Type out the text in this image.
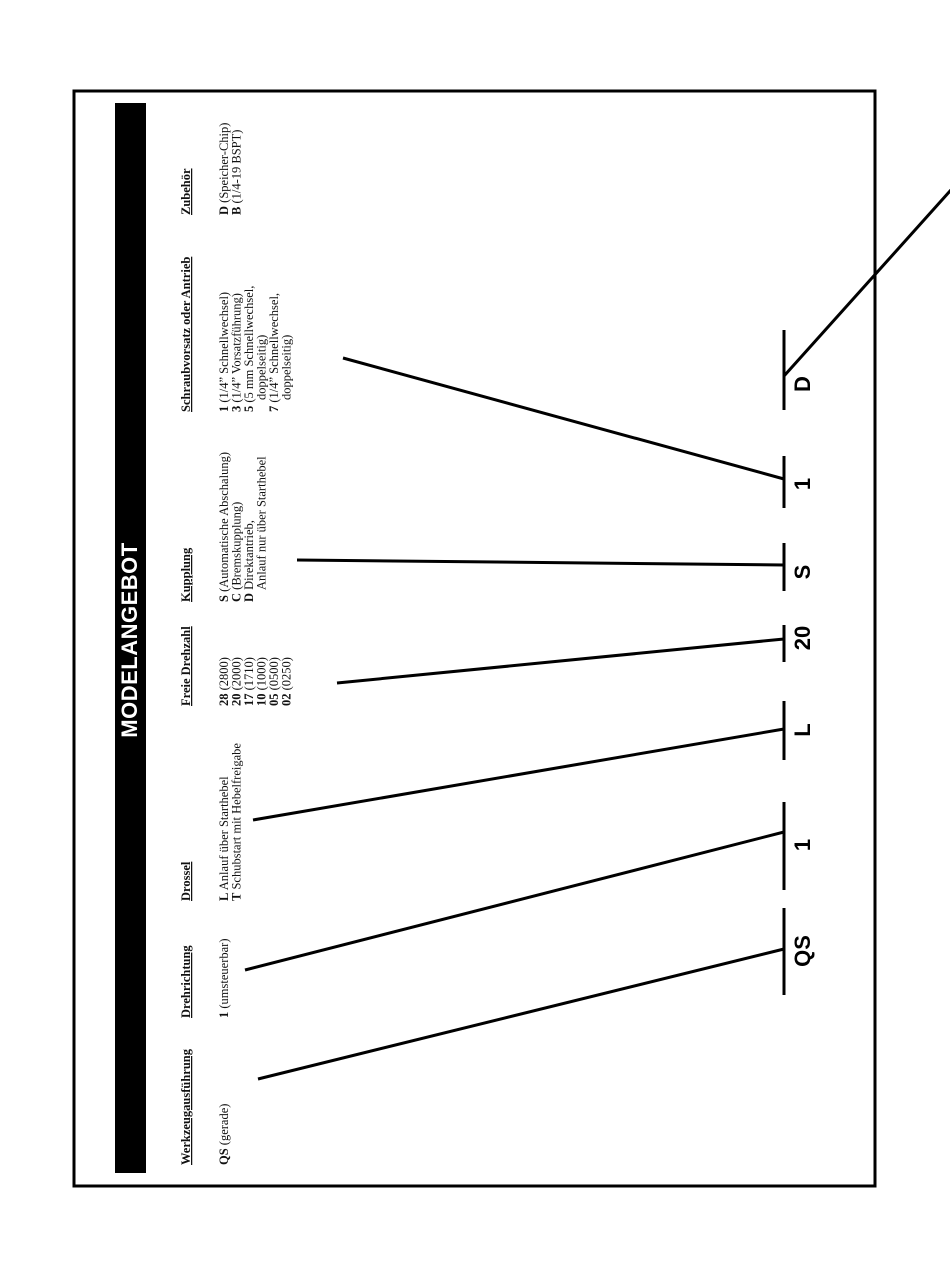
MODELANGEBOT
Werkzeugausführung QS (gerade)
Drehrichtung 1 (umsteuerbar)
Drossel L Anlauf über Starthebel
T Schubstart mit Hebelfreigabe
Freie Drehzahl 28 (2800)
20 (2000)
17 (1710)
10 (1000)
05 (0500)
02 (0250)
Kupplung S (Automatische Abschalung)
C (Bremskupplung)
D Direktantrieb,
Anlauf nur über Starthebel
Schraubvorsatz oder Antrieb 1 (1/4” Schnellwechsel)
3 (1/4” Vorsatzführung)
5 (5 mm Schnellwechsel,
doppelseitig)
7 (1/4” Schnellwechsel,
doppelseitig)
Zubehör D (Speicher-Chip)
B (1/4-19 BSPT)
QS
1
L
20
S
1
D
